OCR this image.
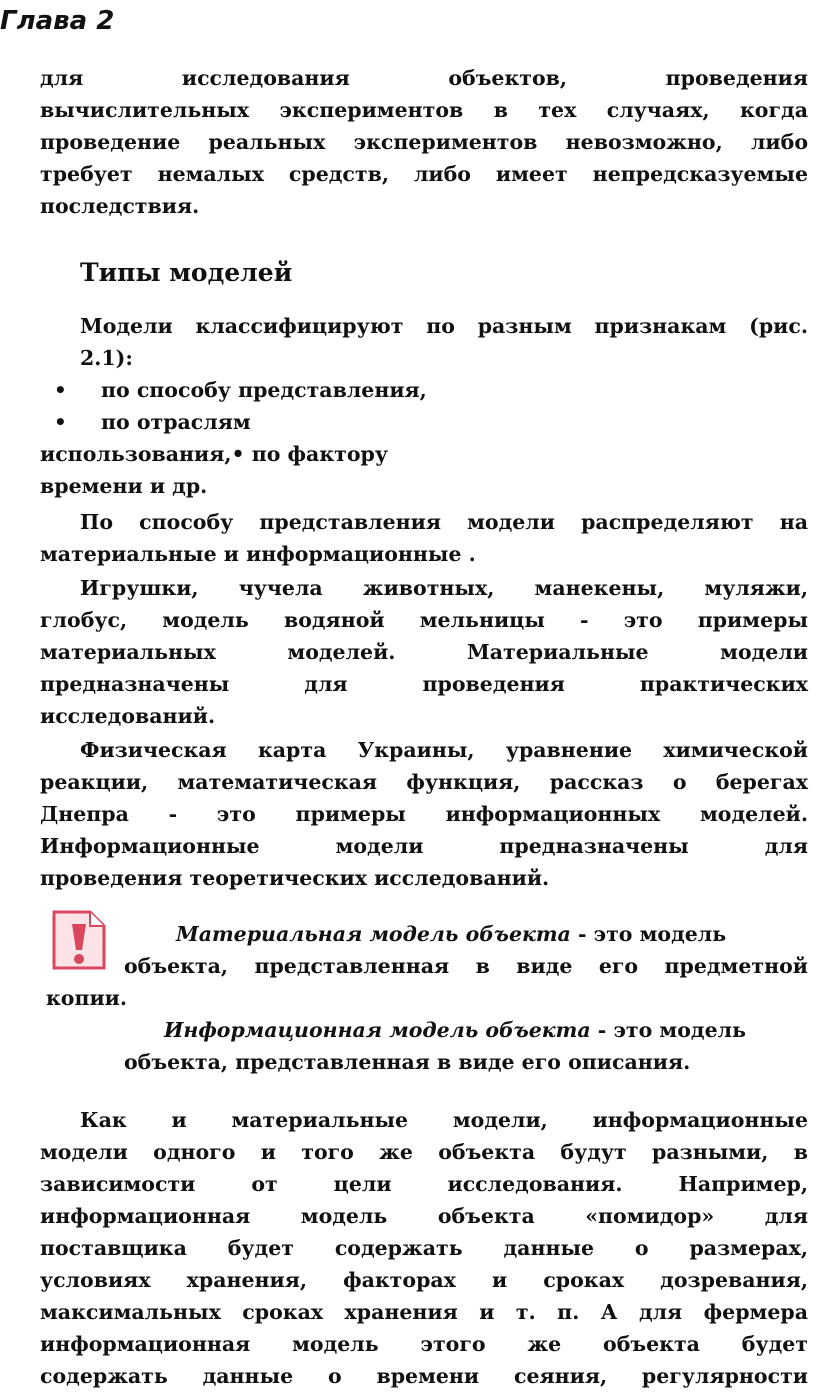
Глава 2
для исследования объектов, проведения
вычислительных экспериментов в тех случаях, когда
проведение реальных экспериментов невозможно, либо
требует немалых средств, либо имеет непредсказуемые
последствия.
Типы моделей
Модели классифицируют по разным признакам (рис.
2.1):
• по способу представления,
• по отраслям
использования,• по фактору
времени и др.
По способу представления модели распределяют на
материальные и информационные .
Игрушки, чучела животных, манекены, муляжи,
глобус, модель водяной мельницы - это примеры
материальных моделей. Материальные модели
предназначены для проведения практических
исследований.
Физическая карта Украины, уравнение химической
реакции, математическая функция, рассказ о берегах
Днепра - это примеры информационных моделей.
Информационные модели предназначены для
проведения теоретических исследований.
Материальная модель объекта - это модель
объекта, представленная в виде его предметной
копии.
Информационная модель объекта - это модель
объекта, представленная в виде его описания.
Как и материальные модели, информационные
модели одного и того же объекта будут разными, в
зависимости от цели исследования. Например,
информационная модель объекта «помидор» для
поставщика будет содержать данные о размерах,
условиях хранения, факторах и сроках дозревания,
максимальных сроках хранения и т. п. А для фермера
информационная модель этого же объекта будет
содержать данные о времени сеяния, регулярности
